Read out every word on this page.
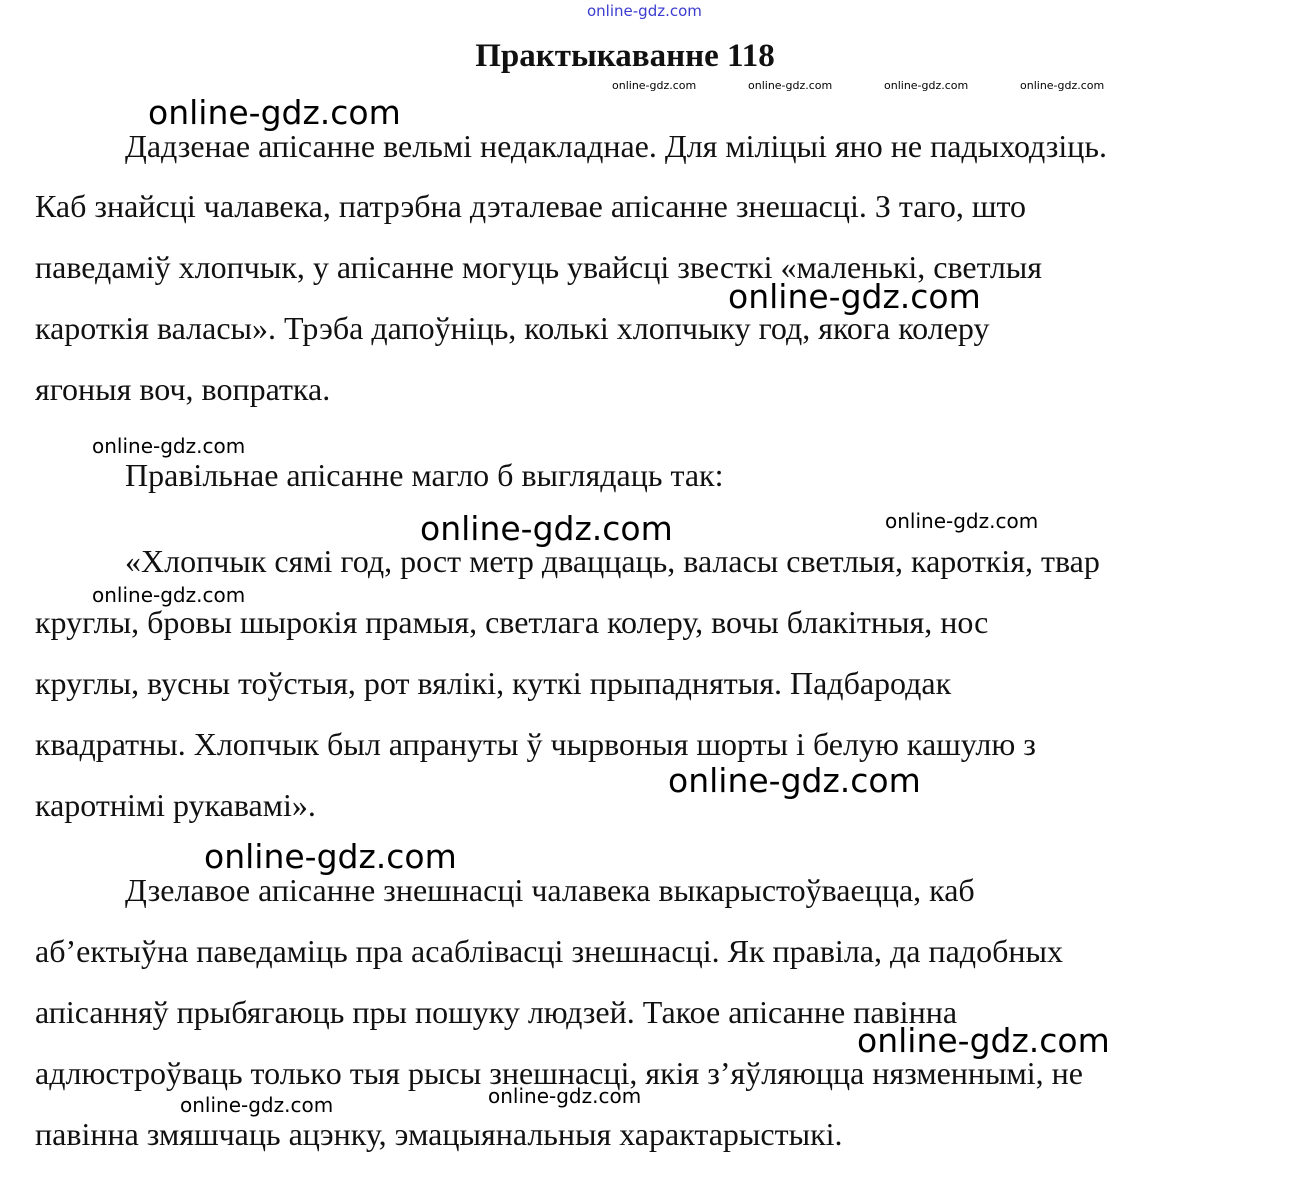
online-gdz.com
Практыкаванне 118

Дадзенае апісанне вельмі недакладнае. Для міліцыі яно не падыходзіць.

Каб знайсці чалавека, патрэбна дэталевае апісанне знешасці. З таго, што

паведаміў хлопчык, у апісанне могуць увайсці звесткі «маленькі, светлыя

кароткія валасы». Трэба дапоўніць, колькі хлопчыку год, якога колеру

ягоныя воч, вопратка.

Правільнае апісанне магло б выглядаць так:

«Хлопчык сямі год, рост метр дваццаць, валасы светлыя, кароткія, твар

круглы, бровы шырокія прамыя, светлага колеру, вочы блакітныя, нос

круглы, вусны тоўстыя, рот вялікі, куткі прыпаднятыя. Падбародак

квадратны. Хлопчык был апрануты ў чырвоныя шорты і белую кашулю з

каротнімі рукавамі».

Дзелавое апісанне знешнасці чалавека выкарыстоўваецца, каб

аб’ектыўна паведаміць пра асаблівасці знешнасці. Як правіла, да падобных

апісанняў прыбягаюць пры пошуку людзей. Такое апісанне павінна

адлюстроўваць толькo тыя рысы знешнасці, якія з’яўляюцца нязменнымі, не

павінна змяшчаць ацэнку, эмацыянальныя характарыстыкі.

online-gdz.com	online-gdz.com	online-gdz.com	online-gdz.com
online-gdz.com
online-gdz.com
online-gdz.com
online-gdz.com	online-gdz.com
online-gdz.com
online-gdz.com
online-gdz.com
online-gdz.com
online-gdz.com	online-gdz.com
